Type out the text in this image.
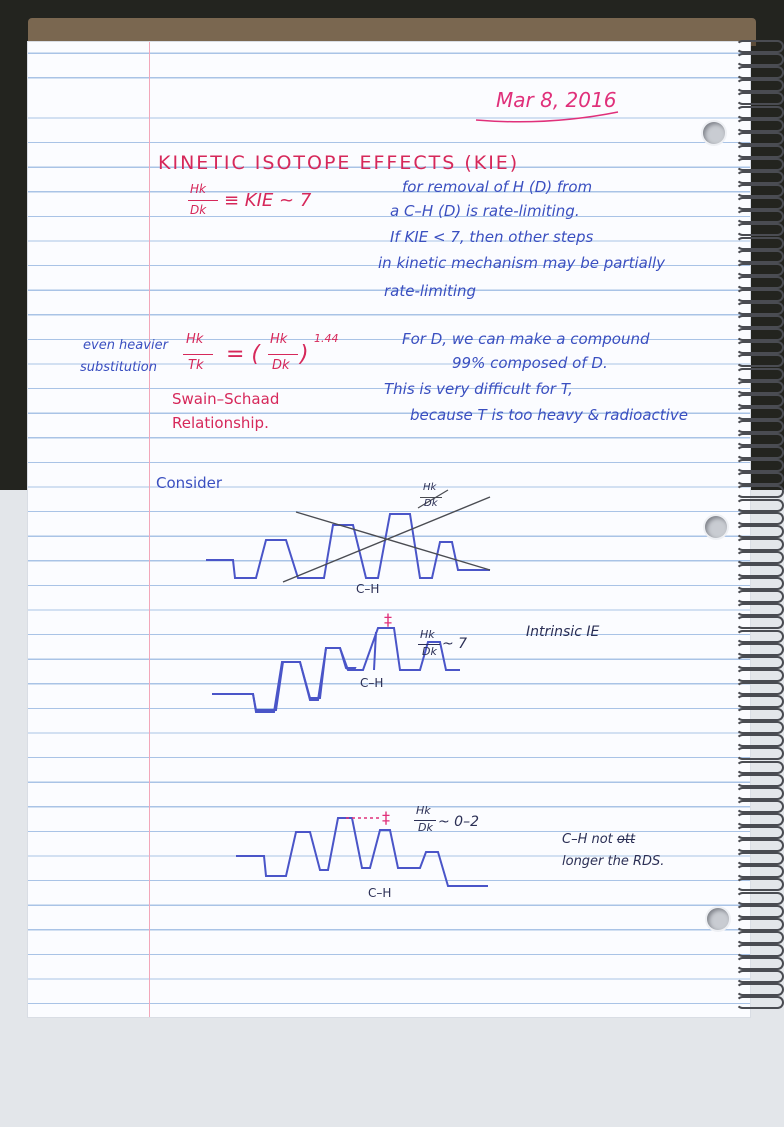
Mar 8, 2016
KINETIC ISOTOPE EFFECTS (KIE)
Hk
Dk ≡ KIE ~ 7
for removal of H (D) from
a C–H (D) is rate-limiting.
If KIE < 7, then other steps
in kinetic mechanism may be partially
rate-limiting
even heavier
substitution
Hk
Tk = (
Hk
Dk )
1.44
Swain–Schaad
Relationship.
For D, we can make a compound
99% composed of D.
This is very difficult for T,
because T is too heavy & radioactive
Consider	Hk
Dk
C–H
‡
Hk
Dk ~ 7
Intrinsic IE
C–H
‡ Hk
Dk ~ 0–2
C–H not ott
longer the RDS.
C–H
